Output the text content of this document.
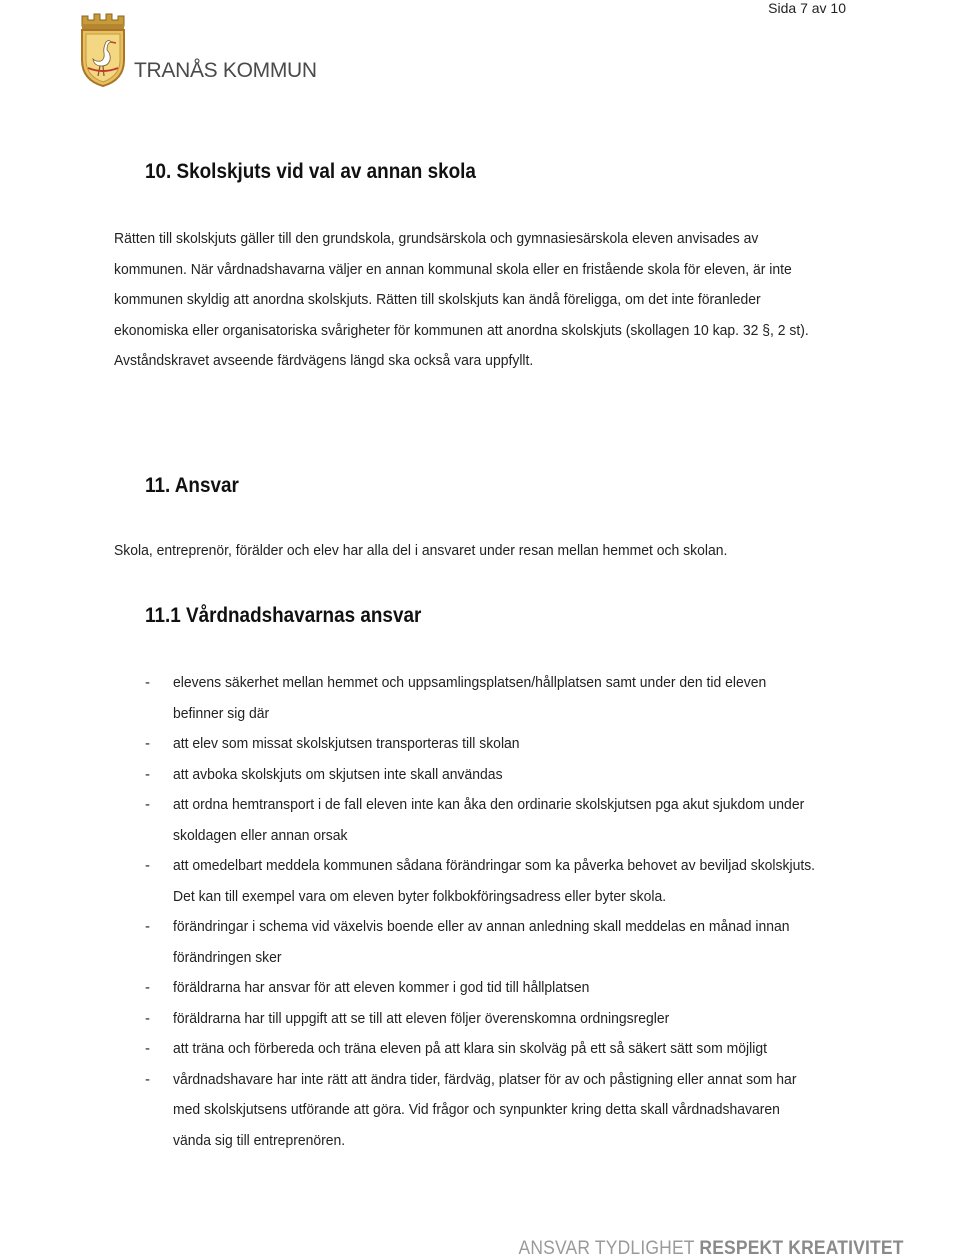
Sida 7 av 10
TRANÅS KOMMUN
10. Skolskjuts vid val av annan skola
Rätten till skolskjuts gäller till den grundskola, grundsärskola och gymnasiesärskola eleven anvisades av
kommunen. När vårdnadshavarna väljer en annan kommunal skola eller en fristående skola för eleven, är inte
kommunen skyldig att anordna skolskjuts. Rätten till skolskjuts kan ändå föreligga, om det inte föranleder
ekonomiska eller organisatoriska svårigheter för kommunen att anordna skolskjuts (skollagen 10 kap. 32 §, 2 st).
Avståndskravet avseende färdvägens längd ska också vara uppfyllt.
11. Ansvar
Skola, entreprenör, förälder och elev har alla del i ansvaret under resan mellan hemmet och skolan.
11.1 Vårdnadshavarnas ansvar
- elevens säkerhet mellan hemmet och uppsamlingsplatsen/hållplatsen samt under den tid eleven
befinner sig där
- att elev som missat skolskjutsen transporteras till skolan
- att avboka skolskjuts om skjutsen inte skall användas
- att ordna hemtransport i de fall eleven inte kan åka den ordinarie skolskjutsen pga akut sjukdom under
skoldagen eller annan orsak
- att omedelbart meddela kommunen sådana förändringar som ka påverka behovet av beviljad skolskjuts.
Det kan till exempel vara om eleven byter folkbokföringsadress eller byter skola.
- förändringar i schema vid växelvis boende eller av annan anledning skall meddelas en månad innan
förändringen sker
- föräldrarna har ansvar för att eleven kommer i god tid till hållplatsen
- föräldrarna har till uppgift att se till att eleven följer överenskomna ordningsregler
- att träna och förbereda och träna eleven på att klara sin skolväg på ett så säkert sätt som möjligt
- vårdnadshavare har inte rätt att ändra tider, färdväg, platser för av och påstigning eller annat som har
med skolskjutsens utförande att göra. Vid frågor och synpunkter kring detta skall vårdnadshavaren
vända sig till entreprenören.
ANSVAR TYDLIGHET RESPEKT KREATIVITET
